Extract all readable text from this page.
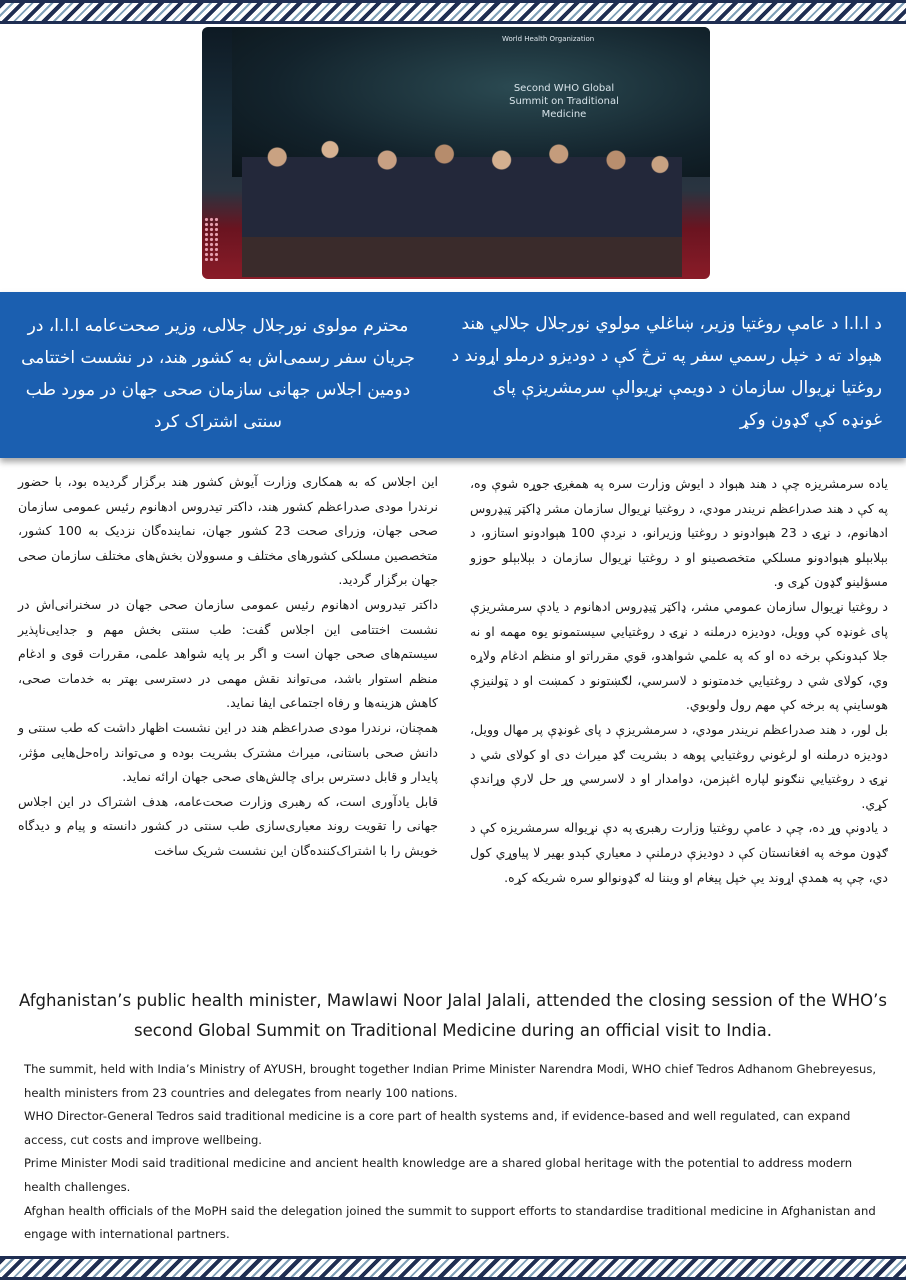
World Health Organization
Second WHO Global Summit on Traditional Medicine
محترم مولوی نورجلال جلالی، وزیر صحت‌عامه ا.ا.ا، در جریان سفر رسمی‌اش به کشور هند، در نشست اختتامی دومین اجلاس جهانی سازمان صحی جهان در مورد طب سنتی اشتراک کرد
د ا.ا.ا د عامې روغتیا وزیر، ښاغلي مولوي نورجلال جلالي هند هېواد ته د خپل رسمي سفر په ترڅ کې د دوديزو درملو اړوند د روغتيا نړيوال سازمان د دويمې نړيوالې سرمشريزې پای غونډه کې ګډون وکړ

این اجلاس که به همکاری وزارت آیوش کشور هند برگزار گردیده بود، با حضور نرندرا مودی صدراعظم کشور هند، داکتر تیدروس ادهانوم رئیس عمومی سازمان صحی جهان، وزرای صحت 23 کشور جهان، نماینده‌گان نزدیک به 100 کشور، متخصصین مسلکی کشورهای مختلف و مسوولان بخش‌های مختلف سازمان صحی جهان برگزار گردید.

داکتر تیدروس ادهانوم رئیس عمومی سازمان صحی جهان در سخنرانی‌اش در نشست اختتامی این اجلاس گفت: طب سنتی بخش مهم و جدایی‌ناپذیر سیستم‌های صحی جهان است و اگر بر پایه شواهد علمی، مقررات قوی و ادغام منظم استوار باشد، می‌تواند نقش مهمی در دسترسی بهتر به خدمات صحی، کاهش هزینه‌ها و رفاه اجتماعی ایفا نماید.

همچنان، نرندرا مودی صدراعظم هند در این نشست اظهار داشت که طب سنتی و دانش صحی باستانی، میراث مشترک بشریت بوده و می‌تواند راه‌حل‌هایی مؤثر، پایدار و قابل دسترس برای چالش‌های صحی جهان ارائه نماید.

قابل یادآوری است، که رهبری وزارت صحت‌عامه، هدف اشتراک در این اجلاس جهانی را تقویت روند معیاری‌سازی طب سنتی در کشور دانسته و پیام و دیدگاه خویش را با اشتراک‌کننده‌گان این نشست شریک ساخت

یاده سرمشريزه چې د هند هېواد د ايوش وزارت سره په همغږۍ جوړه شوې وه، په کې د هند صدراعظم نريندر مودي، د روغتيا نړيوال سازمان مشر ډاکټر ټيډروس ادهانوم، د نړۍ د 23 هېوادونو د روغتيا وزيرانو، د نږدې 100 هېوادونو استازو، د بېلابېلو هېوادونو مسلکي متخصصينو او د روغتيا نړيوال سازمان د بېلابېلو حوزو مسؤلينو ګډون کړی و.

د روغتيا نړيوال سازمان عمومي مشر، ډاکټر ټيډروس ادهانوم د يادې سرمشريزې پای غونډه کې وويل، دوديزه درملنه د نړۍ د روغتيايي سيستمونو يوه مهمه او نه جلا کېدونکې برخه ده او که په علمي شواهدو، قوي مقرراتو او منظم ادغام ولاړه وي، کولای شي د روغتيايي خدمتونو د لاسرسي، لګښتونو د کمښت او د ټولنيزې هوساينې په برخه کې مهم رول ولوبوي.

بل لور، د هند صدراعظم نريندر مودي، د سرمشريزې د پای غونډې پر مهال وويل، دوديزه درملنه او لرغوني روغتيايي پوهه د بشريت ګډ ميراث دی او کولای شي د نړۍ د روغتيايي ننګونو لپاره اغېزمن، دوامدار او د لاسرسي وړ حل لارې وړاندې کړي.

د يادونې وړ ده، چې د عامې روغتيا وزارت رهبرۍ په دې نړيواله سرمشريزه کې د ګډون موخه په افغانستان کې د دوديزې درملنې د معياري کېدو بهير لا پياوړي کول دي، چې په همدې اړوند يې خپل پيغام او ويننا له ګډونوالو سره شريکه کړه.

Afghanistan’s public health minister, Mawlawi Noor Jalal Jalali, attended the closing session of the WHO’s second Global Summit on Traditional Medicine during an official visit to India.

The summit, held with India’s Ministry of AYUSH, brought together Indian Prime Minister Narendra Modi, WHO chief Tedros Adhanom Ghebreyesus, health ministers from 23 countries and delegates from nearly 100 nations.

WHO Director-General Tedros said traditional medicine is a core part of health systems and, if evidence-based and well regulated, can expand access, cut costs and improve wellbeing.

Prime Minister Modi said traditional medicine and ancient health knowledge are a shared global heritage with the potential to address modern health challenges.

Afghan health officials of the MoPH said the delegation joined the summit to support efforts to standardise traditional medicine in Afghanistan and engage with international partners.
